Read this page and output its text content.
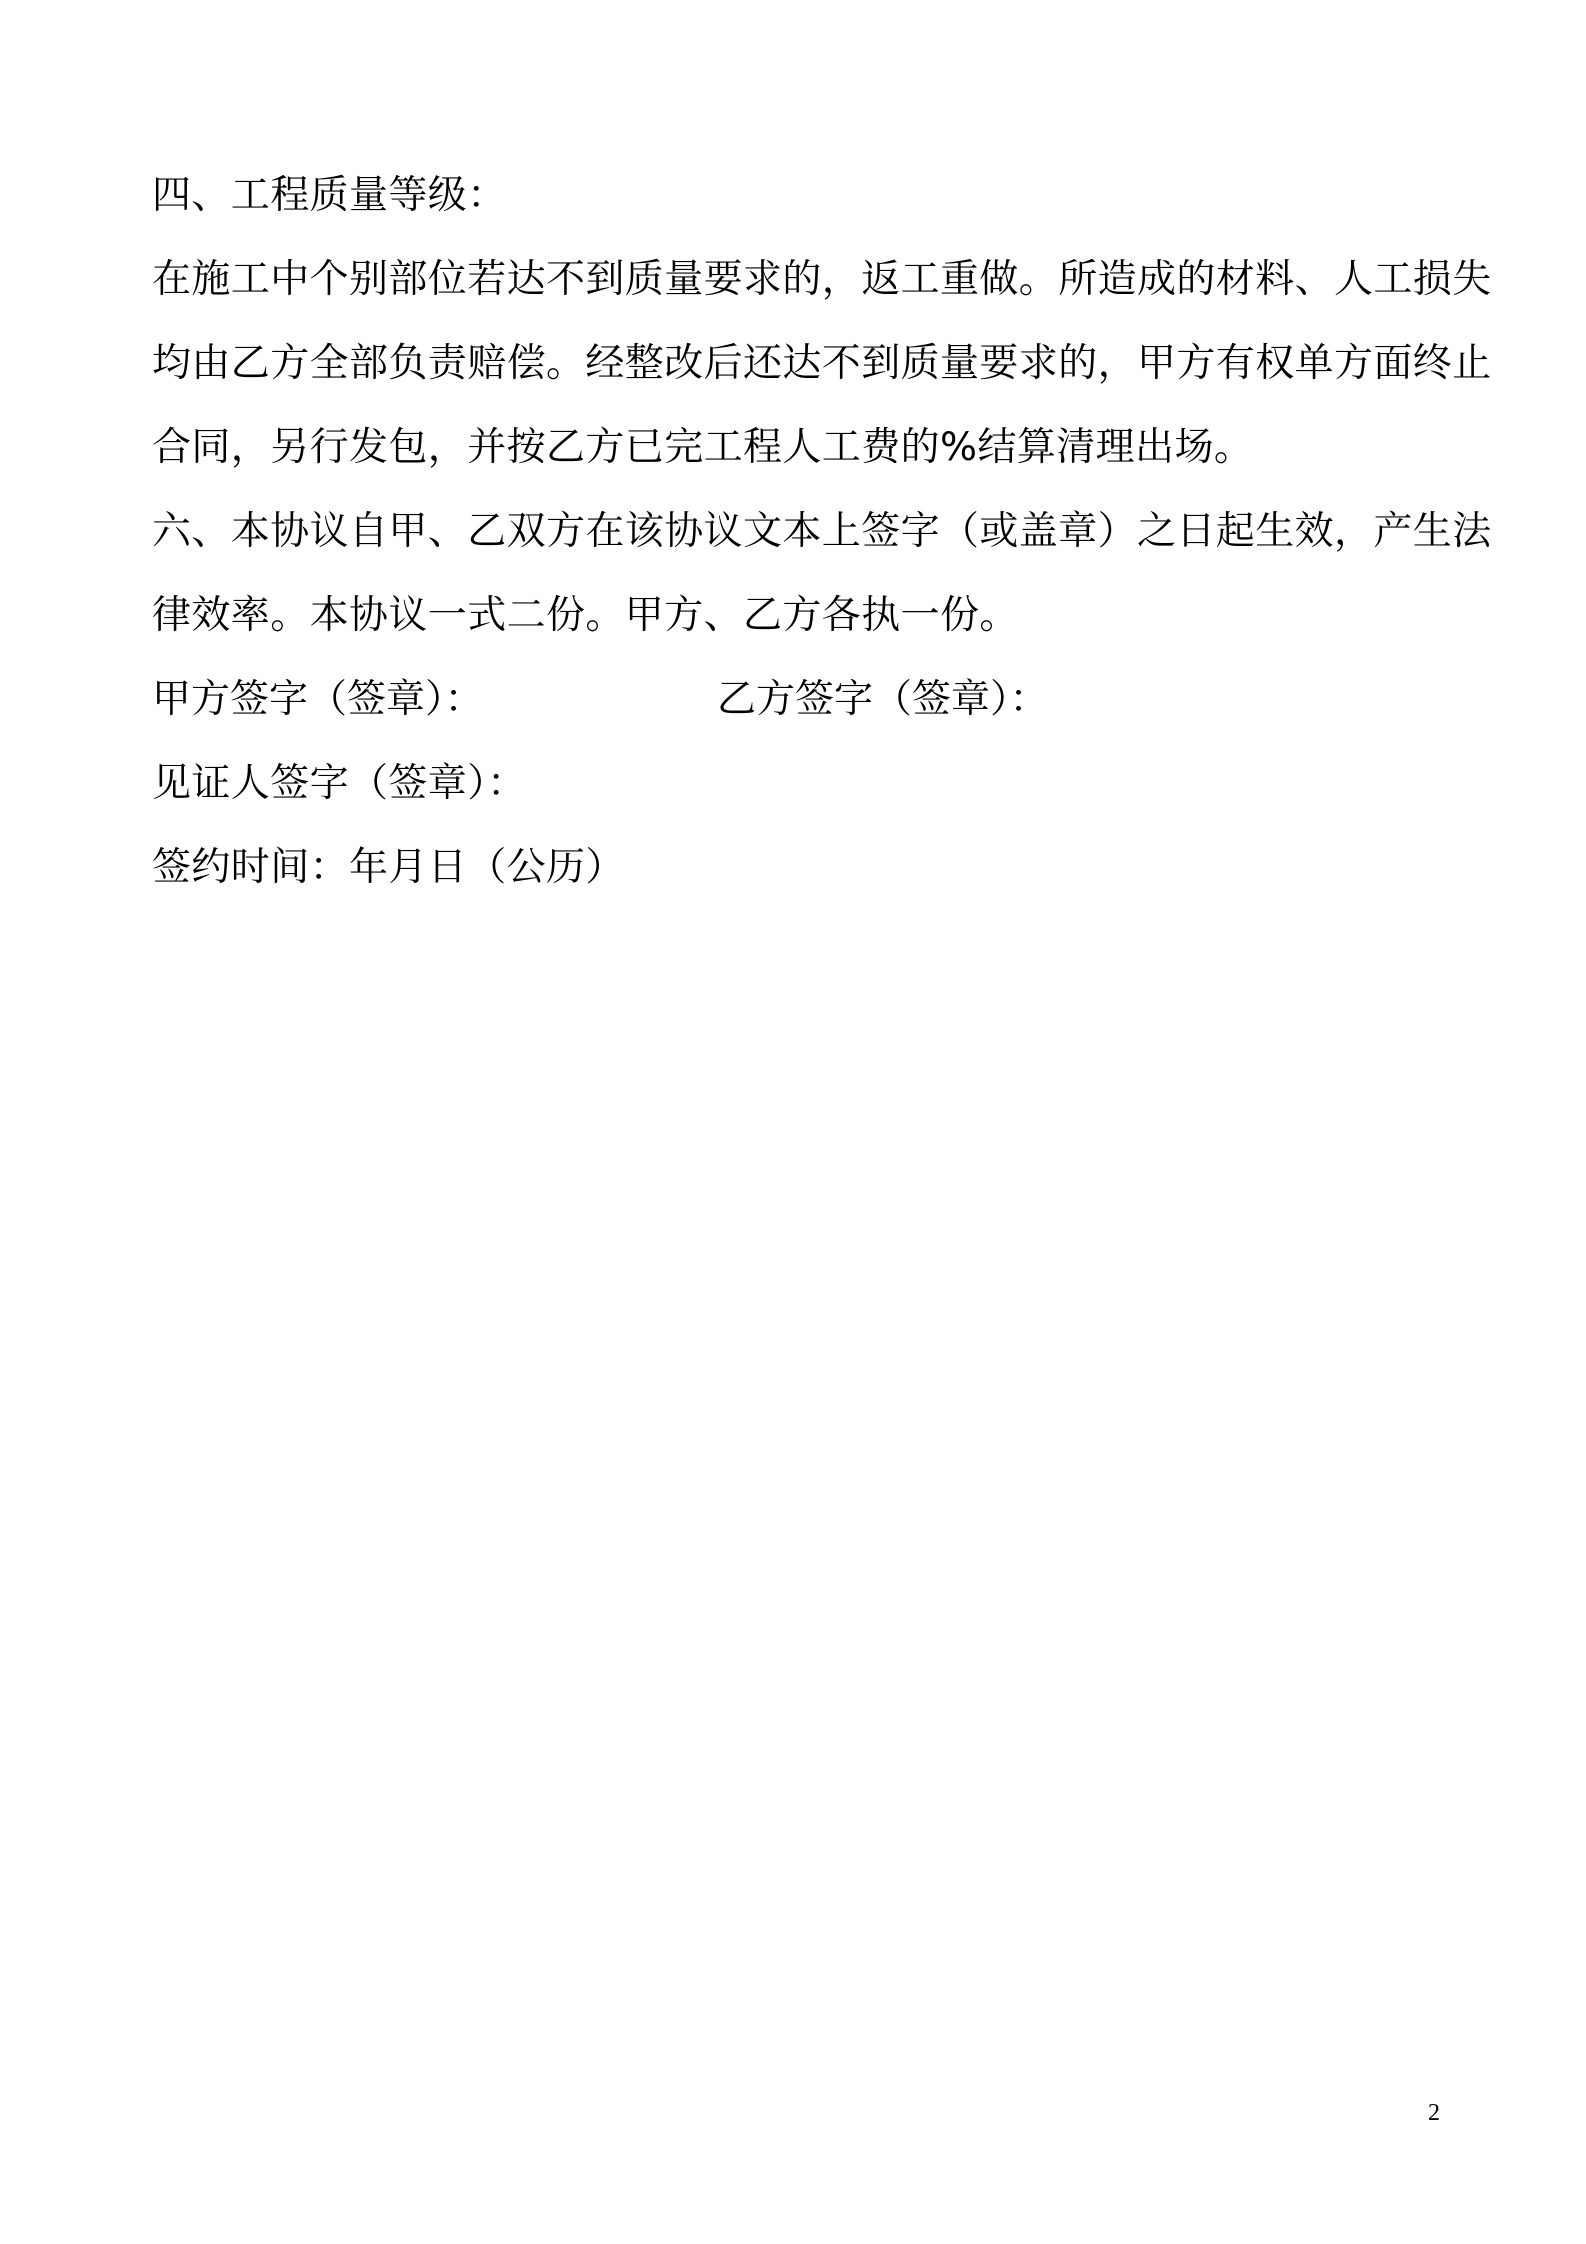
四、工程质量等级：
在施工中个别部位若达不到质量要求的，返工重做。所造成的材料、人工损失
均由乙方全部负责赔偿。经整改后还达不到质量要求的，甲方有权单方面终止
合同，另行发包，并按乙方已完工程人工费的%结算清理出场。
六、本协议自甲、乙双方在该协议文本上签字（或盖章）之日起生效，产生法
律效率。本协议一式二份。甲方、乙方各执一份。
甲方签字（签章）：	乙方签字（签章）：
见证人签字（签章）：
签约时间：年月日（公历）
2
